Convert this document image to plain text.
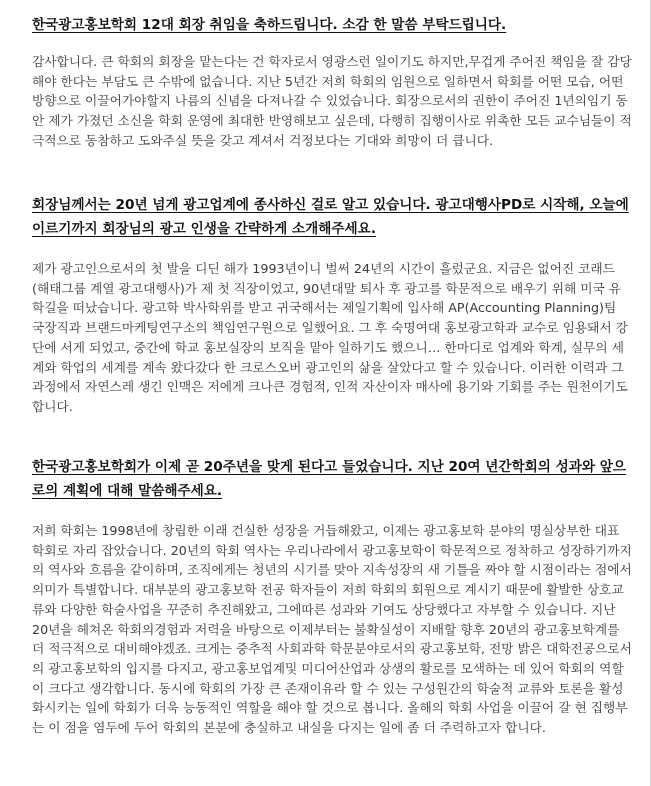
한국광고홍보학회 12대 회장 취임을 축하드립니다. 소감 한 말씀 부탁드립니다.

감사합니다. 큰 학회의 회장을 맡는다는 건 학자로서 영광스런 일이기도 하지만,무겁게 주어진 책임을 잘 감당해야 한다는 부담도 큰 수밖에 없습니다. 지난 5년간 저희 학회의 임원으로 일하면서 학회를 어떤 모습, 어떤 방향으로 이끌어가야할지 나름의 신념을 다져나갈 수 있었습니다. 회장으로서의 권한이 주어진 1년의임기 동안 제가 가졌던 소신을 학회 운영에 최대한 반영해보고 싶은데, 다행히 집행이사로 위촉한 모든 교수님들이 적극적으로 동참하고 도와주실 뜻을 갖고 계셔서 걱정보다는 기대와 희망이 더 큽니다.

회장님께서는 20년 넘게 광고업계에 종사하신 걸로 알고 있습니다. 광고대행사PD로 시작해, 오늘에 이르기까지 회장님의 광고 인생을 간략하게 소개해주세요.

제가 광고인으로서의 첫 발을 디딘 해가 1993년이니 벌써 24년의 시간이 흘렀군요. 지금은 없어진 코래드(해태그룹 계열 광고대행사)가 제 첫 직장이었고, 90년대말 퇴사 후 광고를 학문적으로 배우기 위해 미국 유학길을 떠났습니다. 광고학 박사학위를 받고 귀국해서는 제일기획에 입사해 AP(Accounting Planning)팀 국장직과 브랜드마케팅연구소의 책임연구원으로 일했어요. 그 후 숙명여대 홍보광고학과 교수로 임용돼서 강단에 서게 되었고, 중간에 학교 홍보실장의 보직을 맡아 일하기도 했으니… 한마디로 업계와 학계, 실무의 세계와 학업의 세계를 계속 왔다갔다 한 크로스오버 광고인의 삶을 살았다고 할 수 있습니다. 이러한 이력과 그 과정에서 자연스레 생긴 인맥은 저에게 크나큰 경험적, 인적 자산이자 매사에 용기와 기회를 주는 원천이기도 합니다.

한국광고홍보학회가 이제 곧 20주년을 맞게 된다고 들었습니다. 지난 20여 년간학회의 성과와 앞으로의 계획에 대해 말씀해주세요.

저희 학회는 1998년에 창립한 이래 건실한 성장을 거듭해왔고, 이제는 광고홍보학 분야의 명실상부한 대표 학회로 자리 잡았습니다. 20년의 학회 역사는 우리나라에서 광고홍보학이 학문적으로 정착하고 성장하기까지의 역사와 흐름을 같이하며, 조직에게는 청년의 시기를 맞아 지속성장의 새 기틀을 짜야 할 시점이라는 점에서 의미가 특별합니다. 대부분의 광고홍보학 전공 학자들이 저희 학회의 회원으로 계시기 때문에 활발한 상호교류와 다양한 학술사업을 꾸준히 추진해왔고, 그에따른 성과와 기여도 상당했다고 자부할 수 있습니다. 지난 20년을 헤쳐온 학회의경험과 저력을 바탕으로 이제부터는 불확실성이 지배할 향후 20년의 광고홍보학계를 더 적극적으로 대비해야겠죠. 크게는 중추적 사회과학 학문분야로서의 광고홍보학, 전망 밝은 대학전공으로서의 광고홍보학의 입지를 다지고, 광고홍보업계및 미디어산업과 상생의 활로를 모색하는 데 있어 학회의 역할이 크다고 생각합니다. 동시에 학회의 가장 큰 존재이유라 할 수 있는 구성원간의 학술적 교류와 토론을 활성화시키는 일에 학회가 더욱 능동적인 역할을 해야 할 것으로 봅니다. 올해의 학회 사업을 이끌어 갈 현 집행부는 이 점을 염두에 두어 학회의 본분에 충실하고 내실을 다지는 일에 좀 더 주력하고자 합니다.
